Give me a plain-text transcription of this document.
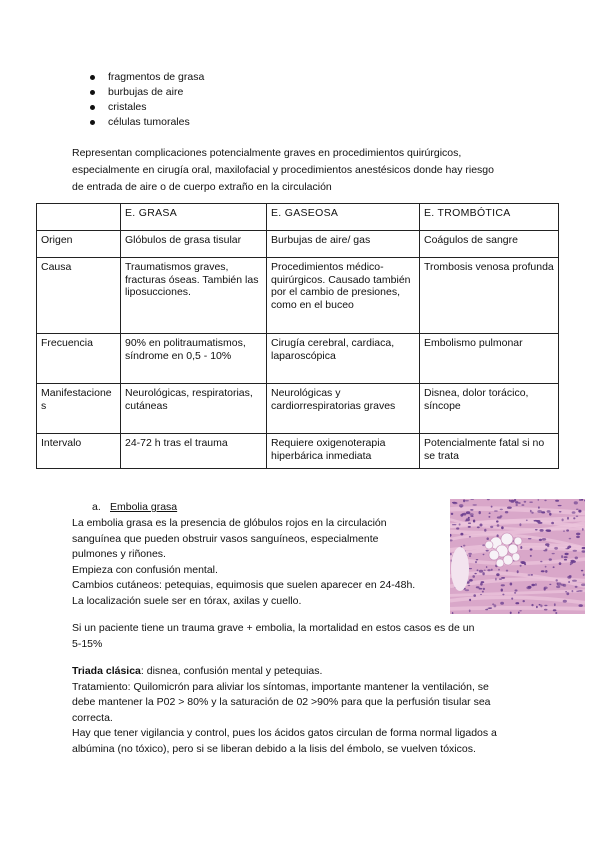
fragmentos de grasa
burbujas de aire
cristales
células tumorales
Representan complicaciones potencialmente graves en procedimientos quirúrgicos,
especialmente en cirugía oral, maxilofacial y procedimientos anestésicos donde hay riesgo
de entrada de aire o de cuerpo extraño en la circulación
	E. GRASA	E. GASEOSA	E. TROMBÓTICA
Origen	Glóbulos de grasa tisular	Burbujas de aire/ gas	Coágulos de sangre
Causa	Traumatismos graves, fracturas óseas. También las liposucciones.	Procedimientos médico-quirúrgicos. Causado también por el cambio de presiones, como en el buceo	Trombosis venosa profunda
Frecuencia	90% en politraumatismos, síndrome en 0,5 - 10%	Cirugía cerebral, cardiaca, laparoscópica	Embolismo pulmonar
Manifestaciones	Neurológicas, respiratorias, cutáneas	Neurológicas y cardiorrespiratorias graves	Disnea, dolor torácico, síncope
Intervalo	24-72 h tras el trauma	Requiere oxigenoterapia hiperbárica inmediata	Potencialmente fatal si no se trata
a. Embolia grasa
La embolia grasa es la presencia de glóbulos rojos en la circulación
sanguínea que pueden obstruir vasos sanguíneos, especialmente
pulmones y riñones.
Empieza con confusión mental.
Cambios cutáneos: petequias, equimosis que suelen aparecer en 24-48h.
La localización suele ser en tórax, axilas y cuello.
Si un paciente tiene un trauma grave + embolia, la mortalidad en estos casos es de un
5-15%
Triada clásica: disnea, confusión mental y petequias.
Tratamiento: Quilomicrón para aliviar los síntomas, importante mantener la ventilación, se
debe mantener la P02 > 80% y la saturación de 02 >90% para que la perfusión tisular sea
correcta.
Hay que tener vigilancia y control, pues los ácidos gatos circulan de forma normal ligados a
albúmina (no tóxico), pero si se liberan debido a la lisis del émbolo, se vuelven tóxicos.
